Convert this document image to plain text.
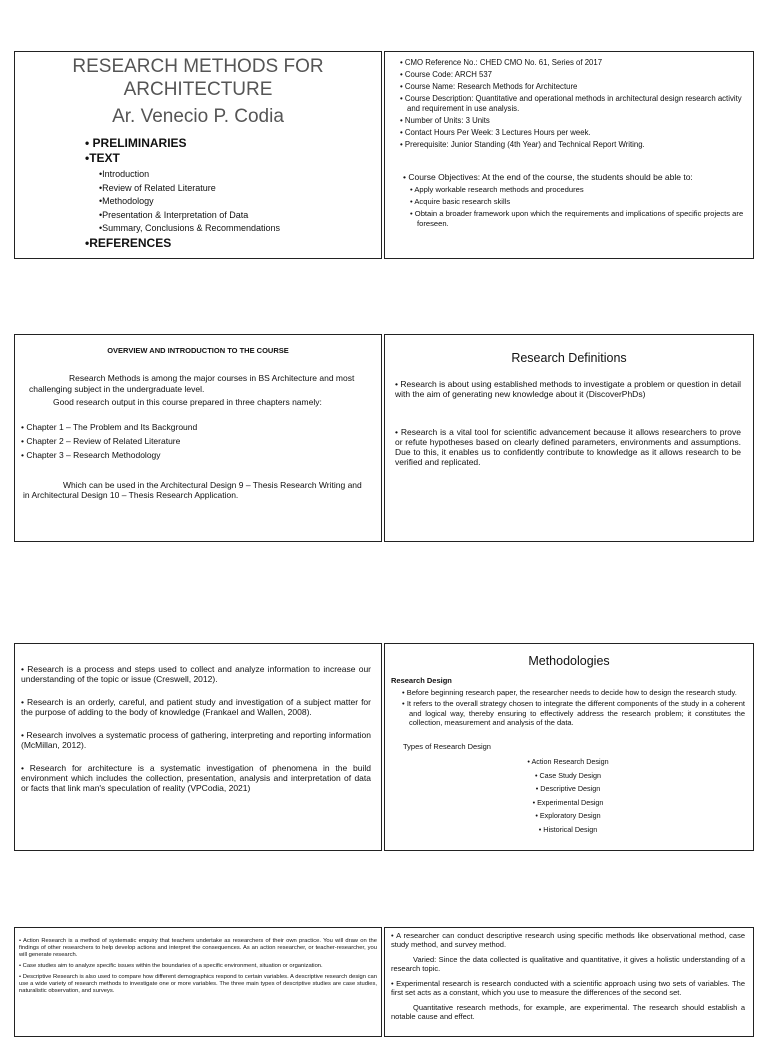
RESEARCH METHODS FOR
ARCHITECTURE
Ar. Venecio P. Codia
• PRELIMINARIES
•TEXT
•Introduction
•Review of Related Literature
•Methodology
•Presentation & Interpretation of Data
•Summary, Conclusions & Recommendations
•REFERENCES
• CMO Reference No.: CHED CMO No. 61, Series of 2017
• Course Code: ARCH 537
• Course Name: Research Methods for Architecture
• Course Description: Quantitative and operational methods in architectural design research activity and requirement in use analysis.
• Number of Units: 3 Units
• Contact Hours Per Week: 3 Lectures Hours per week.
• Prerequisite: Junior Standing (4th Year) and Technical Report Writing.
• Course Objectives: At the end of the course, the students should be able to:
• Apply workable research methods and procedures
• Acquire basic research skills
• Obtain a broader framework upon which the requirements and implications of specific projects are foreseen.
OVERVIEW AND INTRODUCTION TO THE COURSE
Research Methods is among the major courses in BS Architecture and most challenging subject in the undergraduate level.
Good research output in this course prepared in three chapters namely:
• Chapter 1 – The Problem and Its Background
• Chapter 2 – Review of Related Literature
• Chapter 3 – Research Methodology
Which can be used in the Architectural Design 9 – Thesis Research Writing and in Architectural Design 10 – Thesis Research Application.
Research Definitions

• Research is about using established methods to investigate a problem or question in detail with the aim of generating new knowledge about it (DiscoverPhDs)

• Research is a vital tool for scientific advancement because it allows researchers to prove or refute hypotheses based on clearly defined parameters, environments and assumptions. Due to this, it enables us to confidently contribute to knowledge as it allows research to be verified and replicated.

• Research is a process and steps used to collect and analyze information to increase our understanding of the topic or issue (Creswell, 2012).

• Research is an orderly, careful, and patient study and investigation of a subject matter for the purpose of adding to the body of knowledge (Frankael and Wallen, 2008).

• Research involves a systematic process of gathering, interpreting and reporting information (McMillan, 2012).

• Research for architecture is a systematic investigation of phenomena in the build environment which includes the collection, presentation, analysis and interpretation of data or facts that link man's speculation of reality (VPCodia, 2021)

Methodologies
Research Design
• Before beginning research paper, the researcher needs to decide how to design the research study.
• It refers to the overall strategy chosen to integrate the different components of the study in a coherent and logical way, thereby ensuring to effectively address the research problem; it constitutes the collection, measurement and analysis of the data.
Types of Research Design
• Action Research Design
• Case Study Design
• Descriptive Design
• Experimental Design
• Exploratory Design
• Historical Design

• Action Research is a method of systematic enquiry that teachers undertake as researchers of their own practice. You will draw on the findings of other researchers to help develop actions and interpret the consequences. As an action researcher, or teacher-researcher, you will generate research.

• Case studies aim to analyze specific issues within the boundaries of a specific environment, situation or organization.

• Descriptive Research is also used to compare how different demographics respond to certain variables. A descriptive research design can use a wide variety of research methods to investigate one or more variables. The three main types of descriptive studies are case studies, naturalistic observation, and surveys.

• A researcher can conduct descriptive research using specific methods like observational method, case study method, and survey method.

Varied: Since the data collected is qualitative and quantitative, it gives a holistic understanding of a research topic.

• Experimental research is research conducted with a scientific approach using two sets of variables. The first set acts as a constant, which you use to measure the differences of the second set.

Quantitative research methods, for example, are experimental. The research should establish a notable cause and effect.
